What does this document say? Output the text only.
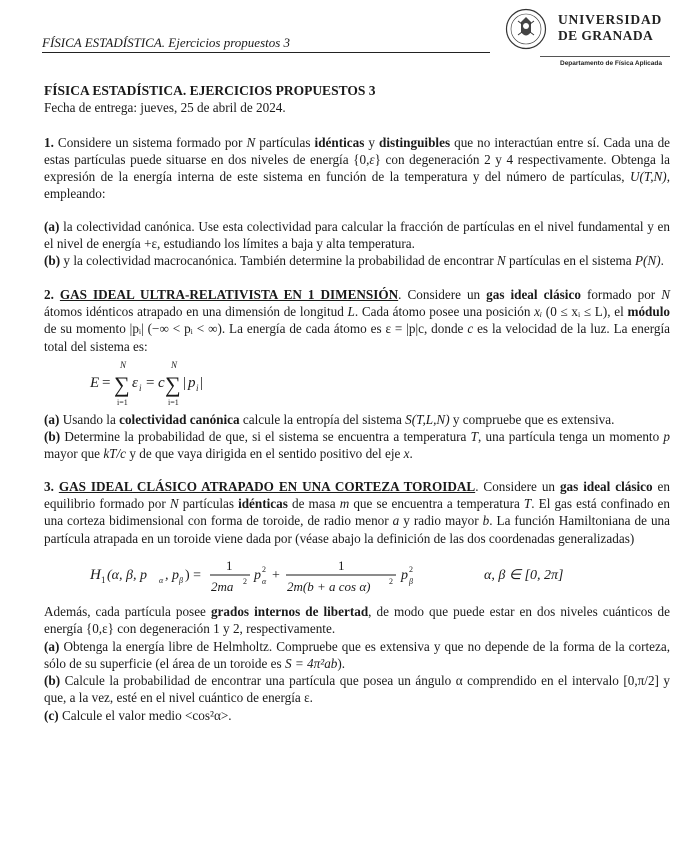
FÍSICA ESTADÍSTICA. Ejercicios propuestos 3
UNIVERSIDAD
DE GRANADA
Departamento de Física Aplicada

FÍSICA ESTADÍSTICA. EJERCICIOS PROPUESTOS 3

Fecha de entrega: jueves, 25 de abril de 2024.

1. Considere un sistema formado por N partículas idénticas y distinguibles que no interactúan entre sí. Cada una de estas partículas puede situarse en dos niveles de energía {0,ε} con degeneración 2 y 4 respectivamente. Obtenga la expresión de la energía interna de este sistema en función de la temperatura y del número de partículas, U(T,N), empleando:

(a) la colectividad canónica. Use esta colectividad para calcular la fracción de partículas en el nivel fundamental y en el nivel de energía +ε, estudiando los límites a baja y alta temperatura.

(b) y la colectividad macrocanónica. También determine la probabilidad de encontrar N partículas en el sistema P(N).

2. GAS IDEAL ULTRA-RELATIVISTA EN 1 DIMENSIÓN. Considere un gas ideal clásico formado por N átomos idénticos atrapado en una dimensión de longitud L. Cada átomo posee una posición xᵢ (0 ≤ xᵢ ≤ L), el módulo de su momento |pᵢ| (−∞ < pᵢ < ∞). La energía de cada átomo es ε = |p|c, donde c es la velocidad de la luz. La energía total del sistema es:

E = ∑
N
i=1
ε i = c ∑
N
i=1
| p i |

(a) Usando la colectividad canónica calcule la entropía del sistema S(T,L,N) y compruebe que es extensiva.

(b) Determine la probabilidad de que, si el sistema se encuentra a temperatura T, una partícula tenga un momento p mayor que kT/c y de que vaya dirigida en el sentido positivo del eje x.

3. GAS IDEAL CLÁSICO ATRAPADO EN UNA CORTEZA TOROIDAL. Considere un gas ideal clásico en equilibrio formado por N partículas idénticas de masa m que se encuentra a temperatura T. El gas está confinado en una corteza bidimensional con forma de toroide, de radio menor a y radio mayor b. La función Hamiltoniana de una partícula atrapada en un toroide viene dada por (véase abajo la definición de las dos coordenadas generalizadas)

H 1 (α, β, p α , p β ) =
1
2ma 2 p 2
α +
1
2m(b + a cos α) 2 p 2
β	α, β ∈ [0, 2π]

Además, cada partícula posee grados internos de libertad, de modo que puede estar en dos niveles cuánticos de energía {0,ε} con degeneración 1 y 2, respectivamente.

(a) Obtenga la energía libre de Helmholtz. Compruebe que es extensiva y que no depende de la forma de la corteza, sólo de su superficie (el área de un toroide es S = 4π²ab).

(b) Calcule la probabilidad de encontrar una partícula que posea un ángulo α comprendido en el intervalo [0,π/2] y que, a la vez, esté en el nivel cuántico de energía ε.

(c) Calcule el valor medio <cos²α>.
